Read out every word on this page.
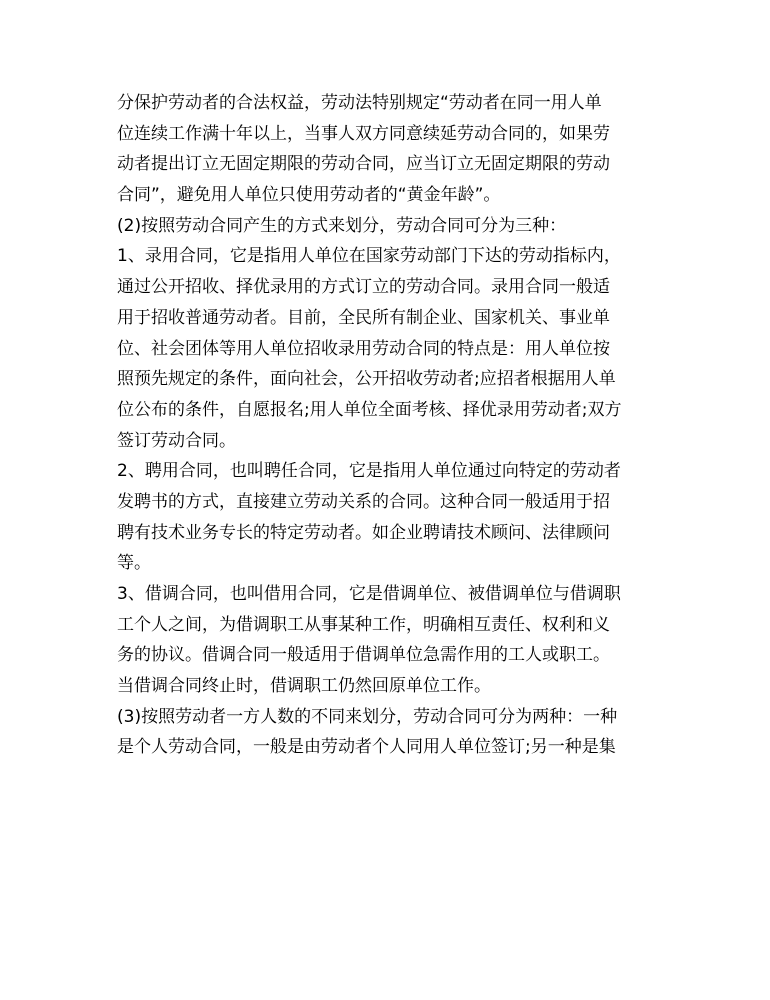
分保护劳动者的合法权益，劳动法特别规定“劳动者在同一用人单
位连续工作满十年以上，当事人双方同意续延劳动合同的，如果劳
动者提出订立无固定期限的劳动合同，应当订立无固定期限的劳动
合同”，避免用人单位只使用劳动者的“黄金年龄”。
(2)按照劳动合同产生的方式来划分，劳动合同可分为三种：
1、录用合同，它是指用人单位在国家劳动部门下达的劳动指标内，
通过公开招收、择优录用的方式订立的劳动合同。录用合同一般适
用于招收普通劳动者。目前，全民所有制企业、国家机关、事业单
位、社会团体等用人单位招收录用劳动合同的特点是：用人单位按
照预先规定的条件，面向社会，公开招收劳动者;应招者根据用人单
位公布的条件，自愿报名;用人单位全面考核、择优录用劳动者;双方
签订劳动合同。
2、聘用合同，也叫聘任合同，它是指用人单位通过向特定的劳动者
发聘书的方式，直接建立劳动关系的合同。这种合同一般适用于招
聘有技术业务专长的特定劳动者。如企业聘请技术顾问、法律顾问
等。
3、借调合同，也叫借用合同，它是借调单位、被借调单位与借调职
工个人之间，为借调职工从事某种工作，明确相互责任、权利和义
务的协议。借调合同一般适用于借调单位急需作用的工人或职工。
当借调合同终止时，借调职工仍然回原单位工作。
(3)按照劳动者一方人数的不同来划分，劳动合同可分为两种：一种
是个人劳动合同，一般是由劳动者个人同用人单位签订;另一种是集
